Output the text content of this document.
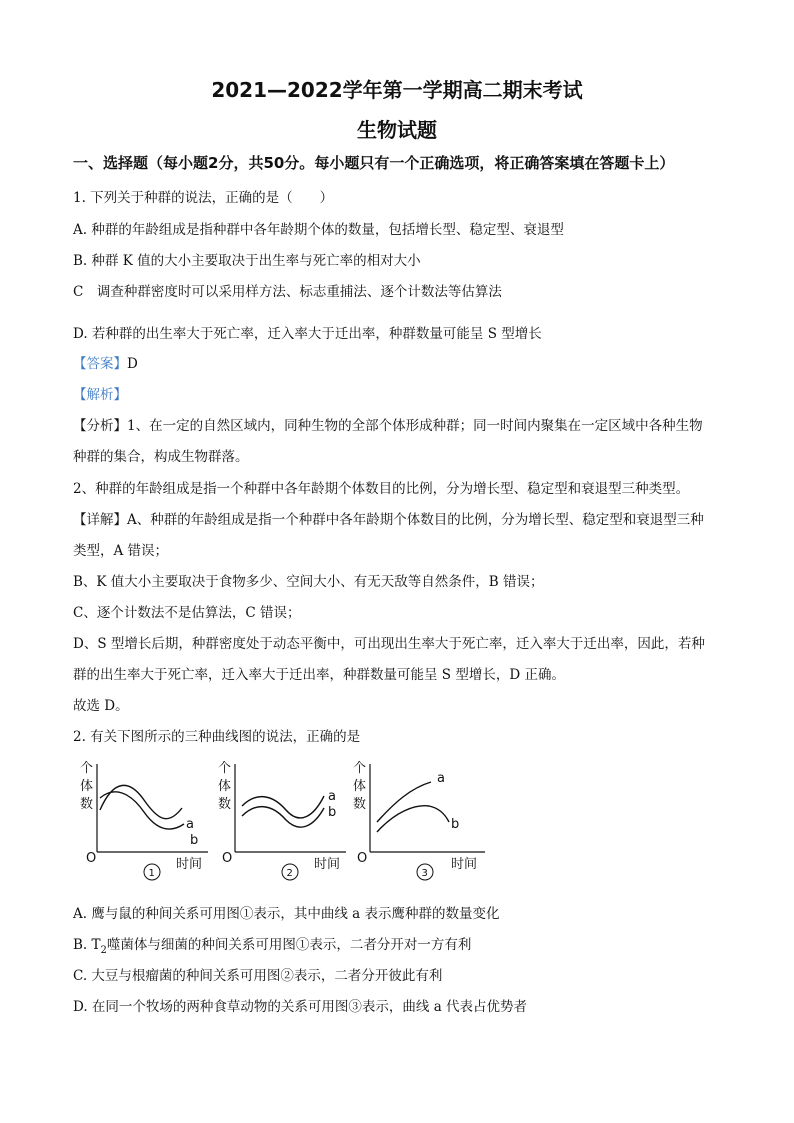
2021—2022学年第一学期高二期末考试
生物试题
一、选择题（每小题2分，共50分。每小题只有一个正确选项，将正确答案填在答题卡上）
1. 下列关于种群的说法，正确的是（　　）
A. 种群的年龄组成是指种群中各年龄期个体的数量，包括增长型、稳定型、衰退型
B. 种群 K 值的大小主要取决于出生率与死亡率的相对大小
C　调查种群密度时可以采用样方法、标志重捕法、逐个计数法等估算法
D. 若种群的出生率大于死亡率，迁入率大于迁出率，种群数量可能呈 S 型增长
【答案】D
【解析】
【分析】1、在一定的自然区域内，同种生物的全部个体形成种群；同一时间内聚集在一定区域中各种生物
种群的集合，构成生物群落。
2、种群的年龄组成是指一个种群中各年龄期个体数目的比例，分为增长型、稳定型和衰退型三种类型。
【详解】A、种群的年龄组成是指一个种群中各年龄期个体数目的比例，分为增长型、稳定型和衰退型三种
类型，A 错误；
B、K 值大小主要取决于食物多少、空间大小、有无天敌等自然条件，B 错误；
C、逐个计数法不是估算法，C 错误；
D、S 型增长后期，种群密度处于动态平衡中，可出现出生率大于死亡率，迁入率大于迁出率，因此，若种
群的出生率大于死亡率，迁入率大于迁出率，种群数量可能呈 S 型增长，D 正确。
故选 D。
2. 有关下图所示的三种曲线图的说法，正确的是
个
体
数
O	时间
a
b
1
个
体
数
O	时间
a
b
2
个
体
数
O	时间
a
b
3
A. 鹰与鼠的种间关系可用图①表示，其中曲线 a 表示鹰种群的数量变化
B. $T_2$噬菌体与细菌的种间关系可用图①表示，二者分开对一方有利
C. 大豆与根瘤菌的种间关系可用图②表示，二者分开彼此有利
D. 在同一个牧场的两种食草动物的关系可用图③表示，曲线 a 代表占优势者
